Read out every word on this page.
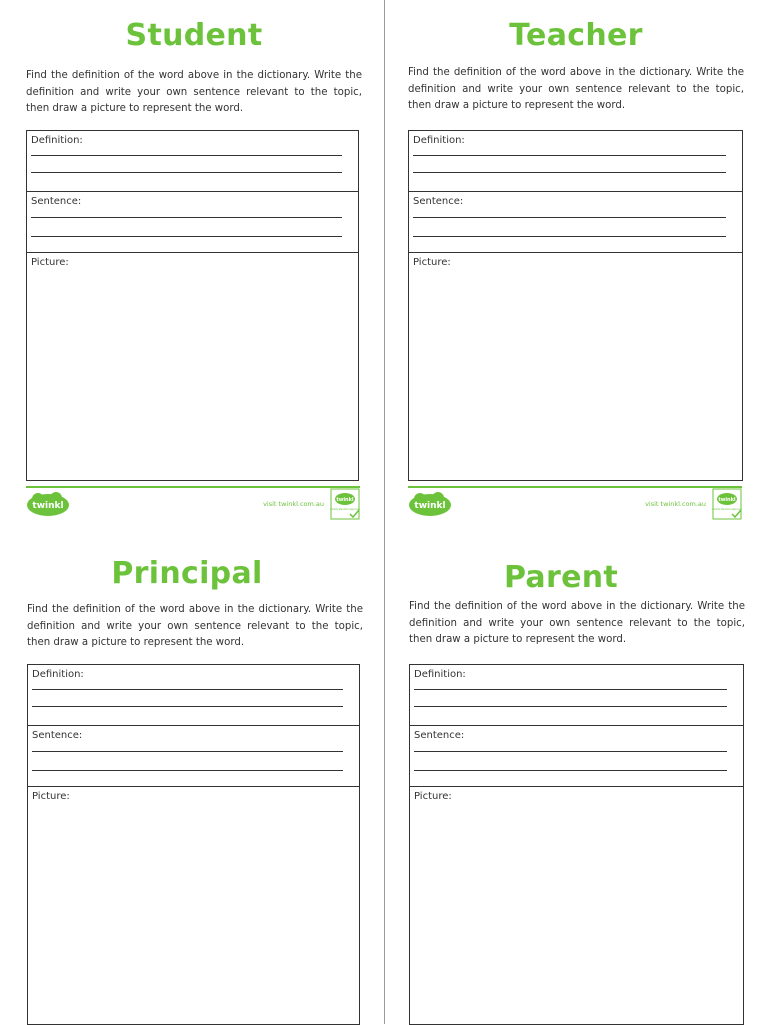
Student
Find the definition of the word above in the dictionary. Write the definition and write your own sentence relevant to the topic, then draw a picture to represent the word.
Definition:
Sentence:
Picture:
twinkl	visit twinkl.com.au twinkl
Quality Standard Approved
Teacher
Find the definition of the word above in the dictionary. Write the definition and write your own sentence relevant to the topic, then draw a picture to represent the word.
Definition:
Sentence:
Picture:
twinkl	visit twinkl.com.au twinkl
Quality Standard Approved
Principal
Find the definition of the word above in the dictionary. Write the definition and write your own sentence relevant to the topic, then draw a picture to represent the word.
Definition:
Sentence:
Picture:
Parent
Find the definition of the word above in the dictionary. Write the definition and write your own sentence relevant to the topic, then draw a picture to represent the word.
Definition:
Sentence:
Picture:
